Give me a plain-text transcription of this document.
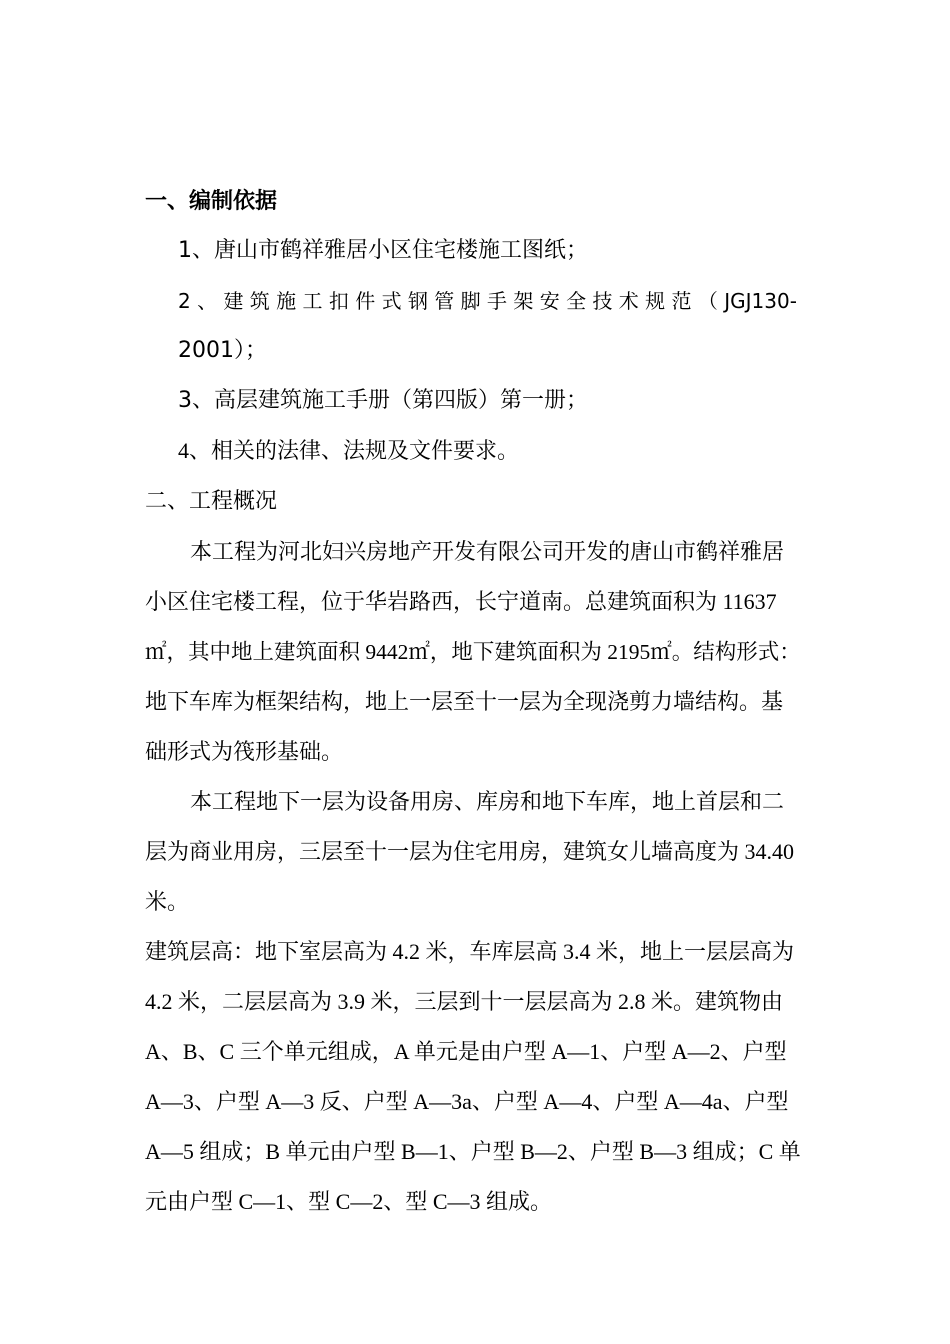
一、编制依据
1、唐山市鹤祥雅居小区住宅楼施工图纸；
2 、 建 筑 施 工 扣 件 式 钢 管 脚 手 架 安 全 技 术 规 范 （ JGJ130-
2001）；
3、高层建筑施工手册（第四版）第一册；
4、相关的法律、法规及文件要求。
二、工程概况
本工程为河北妇兴房地产开发有限公司开发的唐山市鹤祥雅居
小区住宅楼工程，位于华岩路西，长宁道南。总建筑面积为 11637
㎡，其中地上建筑面积 9442㎡，地下建筑面积为 2195㎡。结构形式：
地下车库为框架结构，地上一层至十一层为全现浇剪力墙结构。基
础形式为筏形基础。
本工程地下一层为设备用房、库房和地下车库，地上首层和二
层为商业用房，三层至十一层为住宅用房，建筑女儿墙高度为 34.40
米。
建筑层高：地下室层高为 4.2 米，车库层高 3.4 米，地上一层层高为
4.2 米，二层层高为 3.9 米，三层到十一层层高为 2.8 米。建筑物由
A、B、C 三个单元组成，A 单元是由户型 A—1、户型 A—2、户型
A—3、户型 A—3 反、户型 A—3a、户型 A—4、户型 A—4a、户型
A—5 组成；B 单元由户型 B—1、户型 B—2、户型 B—3 组成；C 单
元由户型 C—1、型 C—2、型 C—3 组成。
